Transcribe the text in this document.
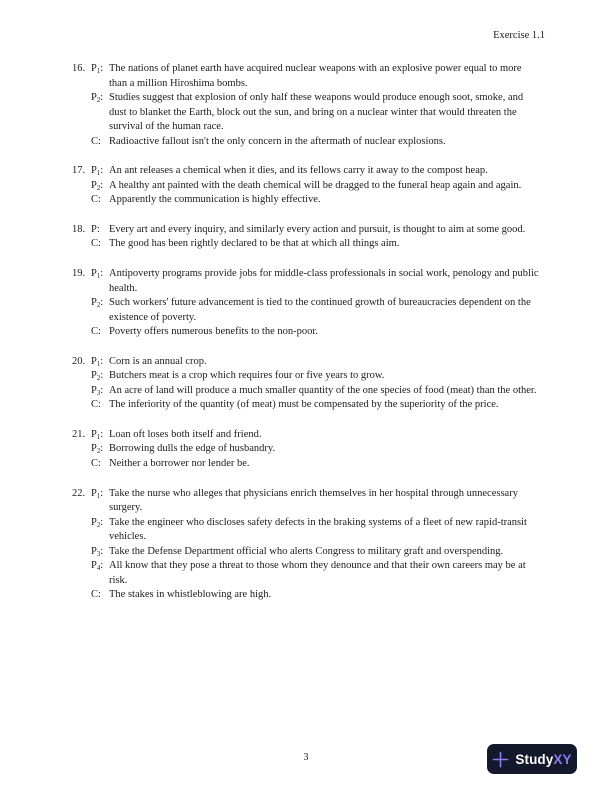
Exercise 1.1
16. $P_1$: The nations of planet earth have acquired nuclear weapons with an explosive power equal to more than a million Hiroshima bombs.
$P_2$: Studies suggest that explosion of only half these weapons would produce enough soot, smoke, and dust to blanket the Earth, block out the sun, and bring on a nuclear winter that would threaten the survival of the human race.
C: Radioactive fallout isn't the only concern in the aftermath of nuclear explosions.
17. $P_1$: An ant releases a chemical when it dies, and its fellows carry it away to the compost heap.
$P_2$: A healthy ant painted with the death chemical will be dragged to the funeral heap again and again.
C: Apparently the communication is highly effective.
18. P: Every art and every inquiry, and similarly every action and pursuit, is thought to aim at some good.
C: The good has been rightly declared to be that at which all things aim.
19. $P_1$: Antipoverty programs provide jobs for middle-class professionals in social work, penology and public health.
$P_2$: Such workers' future advancement is tied to the continued growth of bureaucracies dependent on the existence of poverty.
C: Poverty offers numerous benefits to the non-poor.
20. $P_1$: Corn is an annual crop.
$P_2$: Butchers meat is a crop which requires four or five years to grow.
$P_3$: An acre of land will produce a much smaller quantity of the one species of food (meat) than the other.
C: The inferiority of the quantity (of meat) must be compensated by the superiority of the price.
21. $P_1$: Loan oft loses both itself and friend.
$P_2$: Borrowing dulls the edge of husbandry.
C: Neither a borrower nor lender be.
22. $P_1$: Take the nurse who alleges that physicians enrich themselves in her hospital through unnecessary surgery.
$P_2$: Take the engineer who discloses safety defects in the braking systems of a fleet of new rapid-transit vehicles.
$P_3$: Take the Defense Department official who alerts Congress to military graft and overspending.
$P_4$: All know that they pose a threat to those whom they denounce and that their own careers may be at risk.
C: The stakes in whistleblowing are high.
3	Study XY
